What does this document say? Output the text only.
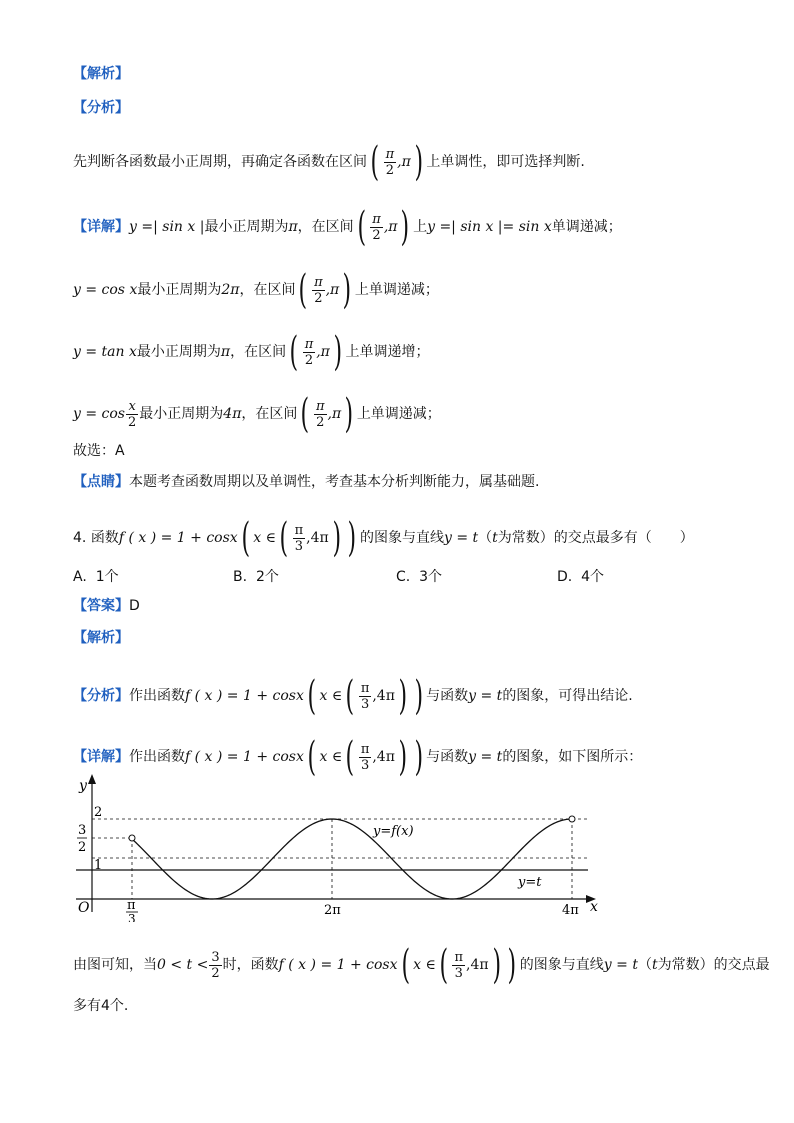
【解析】
【分析】
先判断各函数最小正周期，再确定各函数在区间 ( $\frac{\pi}{2} ,\pi$ ) 上单调性，即可选择判断.
【详解】y =| sin x |最小正周期为π，在区间 ( $\frac{\pi}{2} ,\pi$ ) 上y =| sin x |= sin x单调递减；
y = cos x最小正周期为2π，在区间 ( $\frac{\pi}{2} ,\pi$ ) 上单调递减；
y = tan x最小正周期为π，在区间 ( $\frac{\pi}{2} ,\pi$ ) 上单调递增；
$y = \cos \frac{x}{2}$ 最小正周期为4π，在区间 ( $\frac{\pi}{2} ,\pi$ ) 上单调递减；
故选：A
【点睛】本题考查函数周期以及单调性，考查基本分析判断能力，属基础题.
4. 函数f ( x ) = 1 + cosx ( x ∈ ( $\frac{\pi}{3} ,4\pi$ ) ) 的图象与直线y = t（t为常数）的交点最多有（　　）
A. 1个	B. 2个	C. 3个	D. 4个
【答案】D
【解析】
【分析】作出函数f ( x ) = 1 + cosx ( x ∈ ( $\frac{\pi}{3} ,4\pi$ ) ) 与函数y = t的图象，可得出结论.
【详解】作出函数f ( x ) = 1 + cosx ( x ∈ ( $\frac{\pi}{3} ,4\pi$ ) ) 与函数y = t的图象，如下图所示：
y
x
O
2
1
3
2
π
3
2π	4π
y=f(x)
y=t
由图可知，当$0 < t < \frac{3}{2}$ 时，函数f ( x ) = 1 + cosx ( x ∈ ( $\frac{\pi}{3} ,4\pi$ ) ) 的图象与直线y = t（t为常数）的交点最
多有4个.
